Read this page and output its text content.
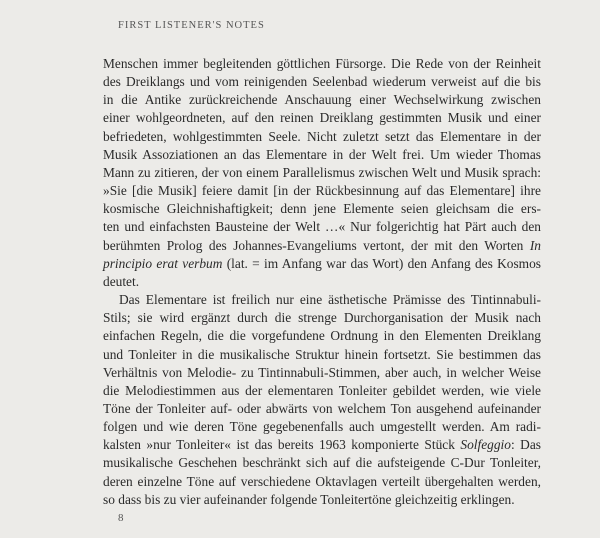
FIRST LISTENER'S NOTES
Menschen immer begleitenden göttlichen Fürsorge. Die Rede von der Reinheit
des Dreiklangs und vom reinigenden Seelenbad wiederum verweist auf die bis
in die Antike zurückreichende Anschauung einer Wechselwirkung zwischen
einer wohlgeordneten, auf den reinen Dreiklang gestimmten Musik und einer
befriedeten, wohlgestimmten Seele. Nicht zuletzt setzt das Elementare in der
Musik Assoziationen an das Elementare in der Welt frei. Um wieder Thomas
Mann zu zitieren, der von einem Parallelismus zwischen Welt und Musik sprach:
»Sie [die Musik] feiere damit [in der Rückbesinnung auf das Elementare] ihre
kosmische Gleichnishaftigkeit; denn jene Elemente seien gleichsam die ers-
ten und einfachsten Bausteine der Welt …« Nur folgerichtig hat Pärt auch den
berühmten Prolog des Johannes-Evangeliums vertont, der mit den Worten In
principio erat verbum (lat. = im Anfang war das Wort) den Anfang des Kosmos
deutet.
Das Elementare ist freilich nur eine ästhetische Prämisse des Tintinnabuli-
Stils; sie wird ergänzt durch die strenge Durchorganisation der Musik nach
einfachen Regeln, die die vorgefundene Ordnung in den Elementen Dreiklang
und Tonleiter in die musikalische Struktur hinein fortsetzt. Sie bestimmen das
Verhältnis von Melodie- zu Tintinnabuli-Stimmen, aber auch, in welcher Weise
die Melodiestimmen aus der elementaren Tonleiter gebildet werden, wie viele
Töne der Tonleiter auf- oder abwärts von welchem Ton ausgehend aufeinander
folgen und wie deren Töne gegebenenfalls auch umgestellt werden. Am radi-
kalsten »nur Tonleiter« ist das bereits 1963 komponierte Stück Solfeggio: Das
musikalische Geschehen beschränkt sich auf die aufsteigende C-Dur Tonleiter,
deren einzelne Töne auf verschiedene Oktavlagen verteilt übergehalten werden,
so dass bis zu vier aufeinander folgende Tonleitertöne gleichzeitig erklingen.
8
